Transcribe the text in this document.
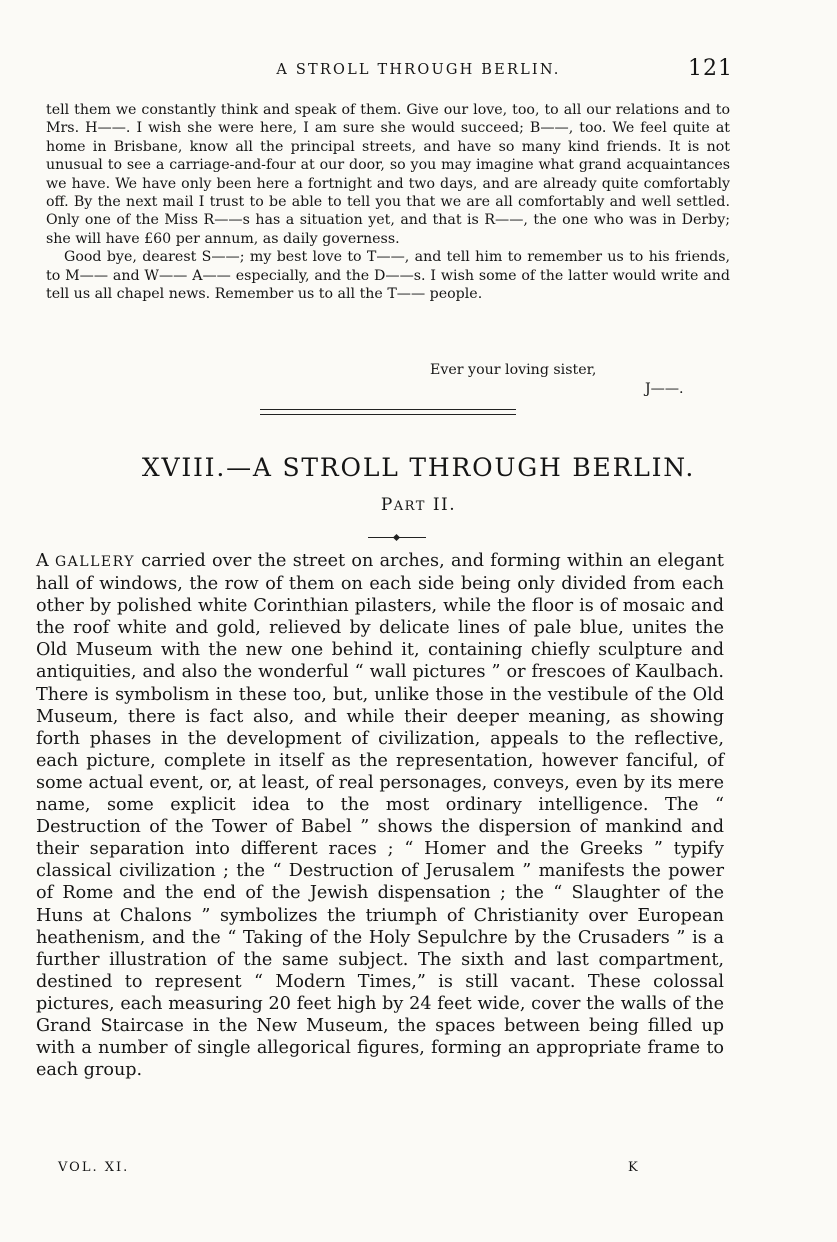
A STROLL THROUGH BERLIN.	121

tell them we constantly think and speak of them. Give our love, too, to all our relations and to Mrs. H——. I wish she were here, I am sure she would succeed; B——, too. We feel quite at home in Brisbane, know all the principal streets, and have so many kind friends. It is not unusual to see a carriage-and-four at our door, so you may imagine what grand acquaintances we have. We have only been here a fortnight and two days, and are already quite comfortably off. By the next mail I trust to be able to tell you that we are all comfortably and well settled. Only one of the Miss R——s has a situation yet, and that is R——, the one who was in Derby; she will have £60 per annum, as daily governess.

Good bye, dearest S——; my best love to T——, and tell him to remember us to his friends, to M—— and W—— A—— especially, and the D——s. I wish some of the latter would write and tell us all chapel news. Remember us to all the T—— people.

Ever your loving sister,
J——.
XVIII.—A STROLL THROUGH BERLIN.
PART II.

A GALLERY carried over the street on arches, and forming within an elegant hall of windows, the row of them on each side being only divided from each other by polished white Corinthian pilasters, while the floor is of mosaic and the roof white and gold, relieved by delicate lines of pale blue, unites the Old Museum with the new one behind it, containing chiefly sculpture and antiquities, and also the wonderful “ wall pictures ” or frescoes of Kaulbach. There is symbolism in these too, but, unlike those in the vestibule of the Old Museum, there is fact also, and while their deeper meaning, as showing forth phases in the development of civilization, appeals to the reflective, each picture, complete in itself as the representation, however fanciful, of some actual event, or, at least, of real personages, conveys, even by its mere name, some explicit idea to the most ordinary intelligence. The “ Destruction of the Tower of Babel ” shows the dispersion of mankind and their separation into different races ; “ Homer and the Greeks ” typify classical civilization ; the “ Destruction of Jerusalem ” manifests the power of Rome and the end of the Jewish dispensation ; the “ Slaughter of the Huns at Chalons ” symbolizes the triumph of Christianity over European heathenism, and the “ Taking of the Holy Sepulchre by the Crusaders ” is a further illustration of the same subject. The sixth and last compartment, destined to represent “ Modern Times,” is still vacant. These colossal pictures, each measuring 20 feet high by 24 feet wide, cover the walls of the Grand Staircase in the New Museum, the spaces between being filled up with a number of single allegorical figures, forming an appropriate frame to each group.

VOL. XI.	K
